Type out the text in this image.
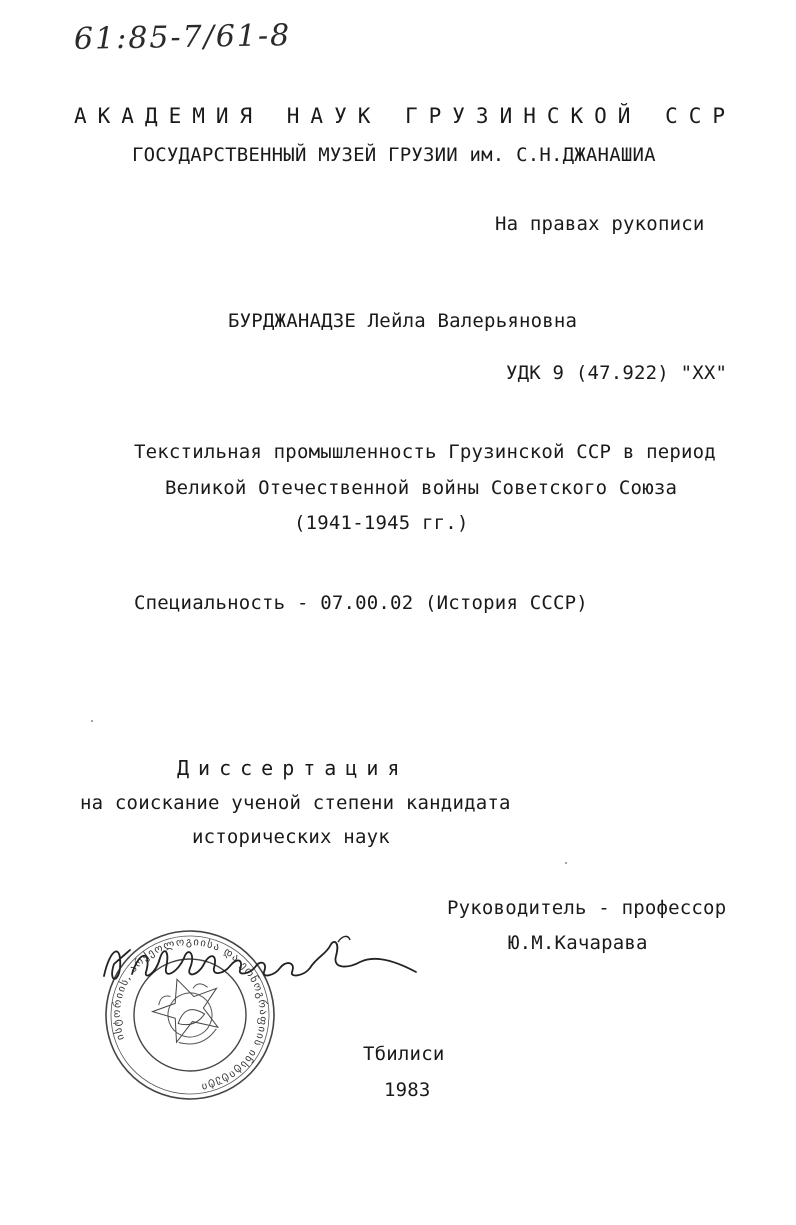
61:85-7/61-8
АКАДЕМИЯ НАУК ГРУЗИНСКОЙ ССР
ГОСУДАРСТВЕННЫЙ МУЗЕЙ ГРУЗИИ им. С.Н.ДЖАНАШИА
На правах рукописи
БУРДЖАНАДЗЕ Лейла Валерьяновна
УДК 9 (47.922) "ХХ"
Текстильная промышленность Грузинской ССР в период
Великой Отечественной войны Советского Союза
(1941-1945 гг.)
Специальность - 07.00.02 (История СССР)
Диссертация
на соискание ученой степени кандидата
исторических наук
Руководитель - профессор
Ю.М.Качарава
ისტორიის, არქეოლოგიისა და ეთნოგრაფიის ინსტიტუტი
Тбилиси
1983
